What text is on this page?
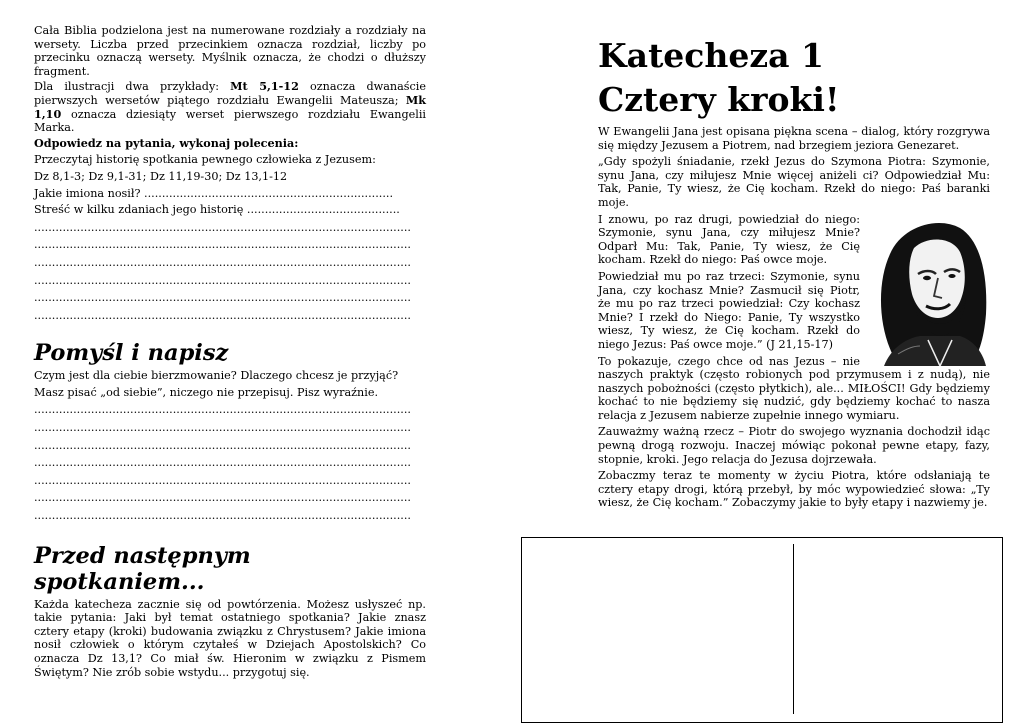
Cała Biblia podzielona jest na numerowane rozdziały a rozdziały na wersety. Liczba przed przecinkiem oznacza rozdział, liczby po przecinku oznaczą wersety. Myślnik oznacza, że chodzi o dłuższy fragment.

Dla ilustracji dwa przykłady: Mt 5,1-12 oznacza dwanaście pierwszych wersetów piątego rozdziału Ewangelii Mateusza; Mk 1,10 oznacza dziesiąty werset pierwszego rozdziału Ewangelii Marka.

Odpowiedz na pytania, wykonaj polecenia:

Przeczytaj historię spotkania pewnego człowieka z Jezusem:

Dz 8,1-3; Dz 9,1-31; Dz 11,19-30; Dz 13,1-12

Jakie imiona nosił? ......................................................................

Streść w kilku zdaniach jego historię ...........................................

..........................................................................................................
..........................................................................................................
..........................................................................................................
..........................................................................................................
..........................................................................................................
..........................................................................................................
Pomyśl i napisz

Czym jest dla ciebie bierzmowanie? Dlaczego chcesz je przyjąć?

Masz pisać „od siebie”, niczego nie przepisuj. Pisz wyraźnie.

..........................................................................................................
..........................................................................................................
..........................................................................................................
..........................................................................................................
..........................................................................................................
..........................................................................................................
..........................................................................................................
Przed następnym
spotkaniem...

Każda katecheza zacznie się od powtórzenia. Możesz usłyszeć np. takie pytania: Jaki był temat ostatniego spotkania? Jakie znasz cztery etapy (kroki) budowania związku z Chrystusem? Jakie imiona nosił człowiek o którym czytałeś w Dziejach Apostolskich? Co oznacza Dz 13,1? Co miał św. Hieronim w związku z Pismem Świętym? Nie zrób sobie wstydu... przygotuj się.

Katecheza 1
Cztery kroki!

W Ewangelii Jana jest opisana piękna scena – dialog, który rozgrywa się między Jezusem a Piotrem, nad brzegiem jeziora Genezaret.

„Gdy spożyli śniadanie, rzekł Jezus do Szymona Piotra: Szymonie, synu Jana, czy miłujesz Mnie więcej aniżeli ci? Odpowiedział Mu: Tak, Panie, Ty wiesz, że Cię kocham. Rzekł do niego: Paś baranki moje.

I znowu, po raz drugi, powiedział do niego: Szymonie, synu Jana, czy miłujesz Mnie? Odparł Mu: Tak, Panie, Ty wiesz, że Cię kocham. Rzekł do niego: Paś owce moje.

Powiedział mu po raz trzeci: Szymonie, synu Jana, czy kochasz Mnie? Zasmucił się Piotr, że mu po raz trzeci powiedział: Czy kochasz Mnie? I rzekł do Niego: Panie, Ty wszystko wiesz, Ty wiesz, że Cię kocham. Rzekł do niego Jezus: Paś owce moje.” (J 21,15-17)

To pokazuje, czego chce od nas Jezus – nie naszych praktyk (często robionych pod przymusem i z nudą), nie naszych pobożności (często płytkich), ale... MIŁOŚCI! Gdy będziemy kochać to nie będziemy się nudzić, gdy będziemy kochać to nasza relacja z Jezusem nabierze zupełnie innego wymiaru.

Zauważmy ważną rzecz – Piotr do swojego wyznania dochodził idąc pewną drogą rozwoju. Inaczej mówiąc pokonał pewne etapy, fazy, stopnie, kroki. Jego relacja do Jezusa dojrzewała.

Zobaczmy teraz te momenty w życiu Piotra, które odsłaniają te cztery etapy drogi, którą przebył, by móc wypowiedzieć słowa: „Ty wiesz, że Cię kocham.” Zobaczymy jakie to były etapy i nazwiemy je.
